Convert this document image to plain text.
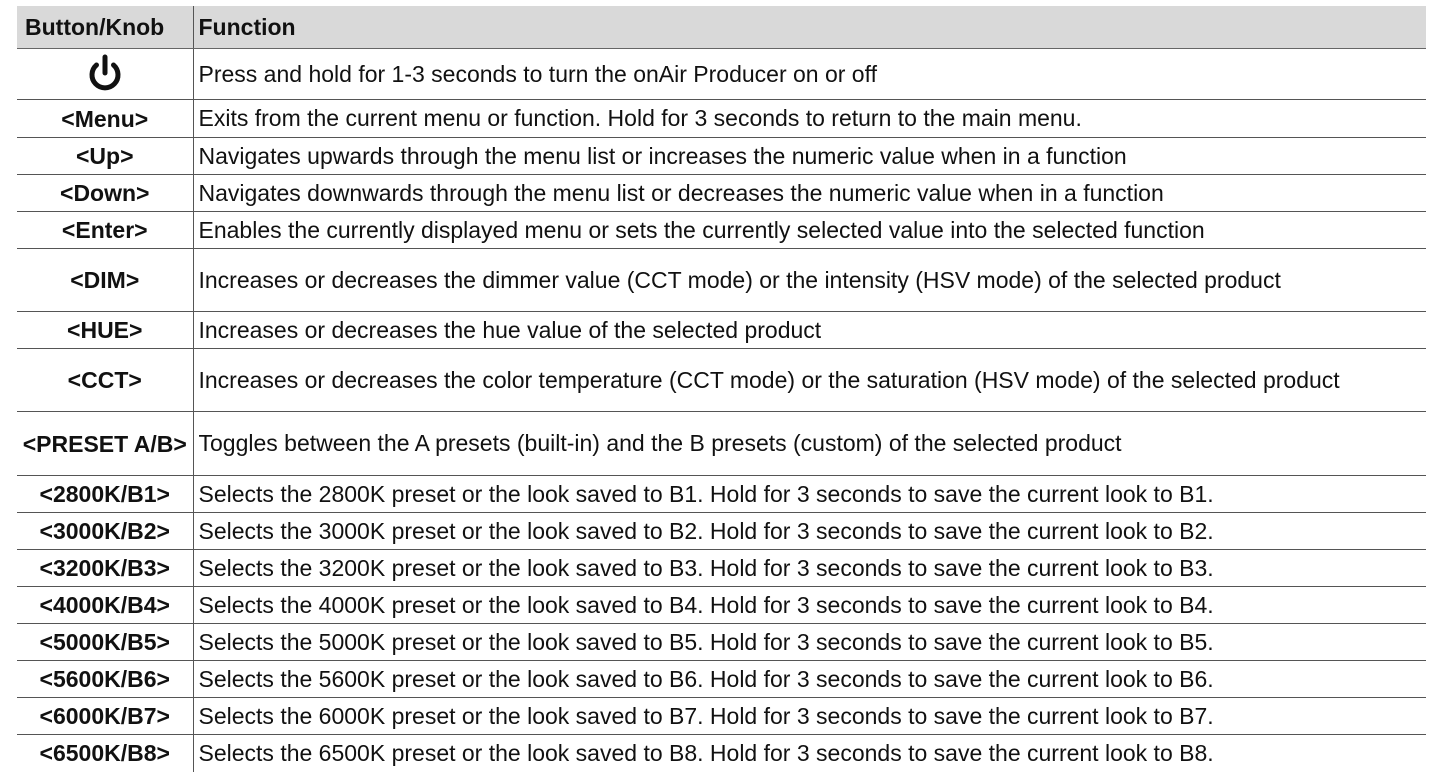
Button/Knob	Function
	Press and hold for 1-3 seconds to turn the onAir Producer on or off
<Menu>	Exits from the current menu or function. Hold for 3 seconds to return to the main menu.
<Up>	Navigates upwards through the menu list or increases the numeric value when in a function
<Down>	Navigates downwards through the menu list or decreases the numeric value when in a function
<Enter>	Enables the currently displayed menu or sets the currently selected value into the selected function
<DIM>	Increases or decreases the dimmer value (CCT mode) or the intensity (HSV mode) of the selected product
<HUE>	Increases or decreases the hue value of the selected product
<CCT>	Increases or decreases the color temperature (CCT mode) or the saturation (HSV mode) of the selected product
<PRESET A/B>	Toggles between the A presets (built-in) and the B presets (custom) of the selected product
<2800K/B1>	Selects the 2800K preset or the look saved to B1. Hold for 3 seconds to save the current look to B1.
<3000K/B2>	Selects the 3000K preset or the look saved to B2. Hold for 3 seconds to save the current look to B2.
<3200K/B3>	Selects the 3200K preset or the look saved to B3. Hold for 3 seconds to save the current look to B3.
<4000K/B4>	Selects the 4000K preset or the look saved to B4. Hold for 3 seconds to save the current look to B4.
<5000K/B5>	Selects the 5000K preset or the look saved to B5. Hold for 3 seconds to save the current look to B5.
<5600K/B6>	Selects the 5600K preset or the look saved to B6. Hold for 3 seconds to save the current look to B6.
<6000K/B7>	Selects the 6000K preset or the look saved to B7. Hold for 3 seconds to save the current look to B7.
<6500K/B8>	Selects the 6500K preset or the look saved to B8. Hold for 3 seconds to save the current look to B8.
